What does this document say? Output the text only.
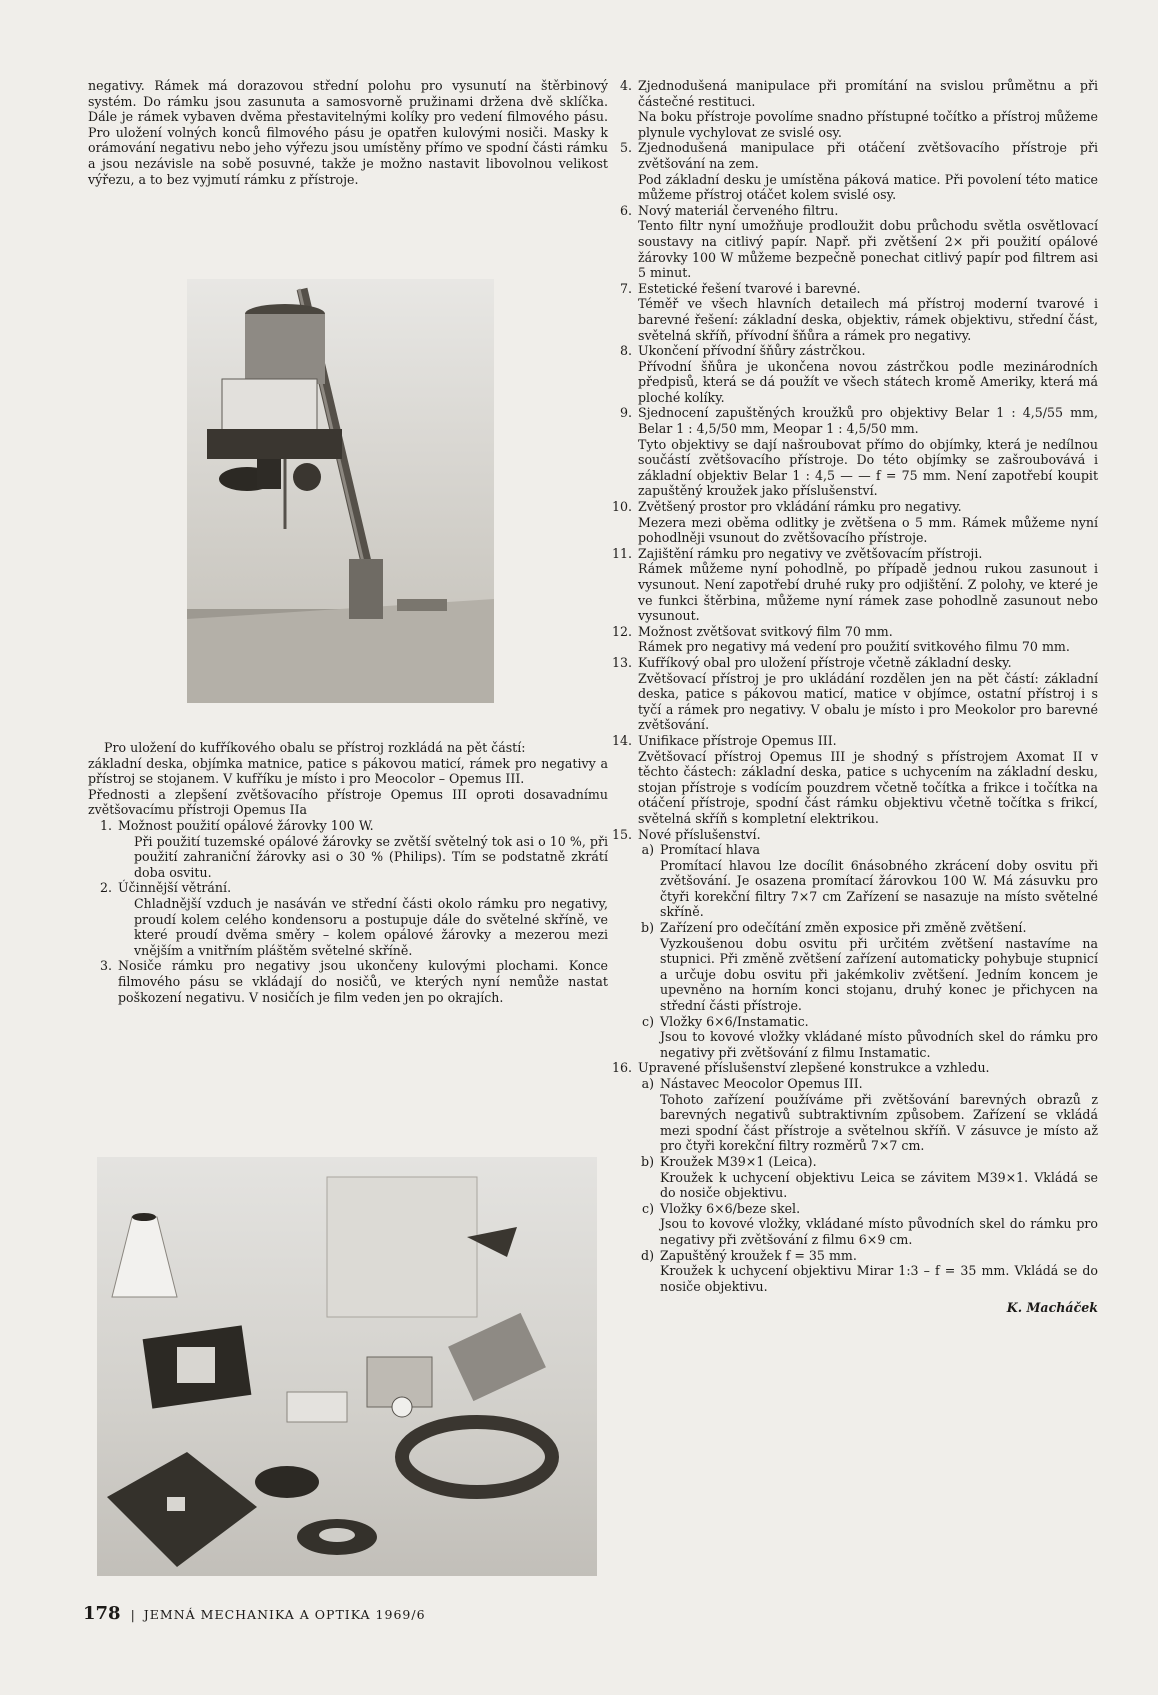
negativy. Rámek má dorazovou střední polohu pro vysunutí na štěrbinový systém. Do rámku jsou zasunuta a samosvorně pružinami držena dvě sklíčka. Dále je rámek vybaven dvěma přestavitelnými kolíky pro vedení filmového pásu. Pro uložení volných konců filmového pásu je opatřen kulovými nosiči. Masky k orámování negativu nebo jeho výřezu jsou umístěny přímo ve spodní části rámku a jsou nezávisle na sobě posuvné, takže je možno nastavit libovolnou velikost výřezu, a to bez vyjmutí rámku z přístroje.

Pro uložení do kufříkového obalu se přístroj rozkládá na pět částí:

základní deska, objímka matnice, patice s pákovou maticí, rámek pro negativy a přístroj se stojanem. V kufříku je místo i pro Meocolor – Opemus III.

Přednosti a zlepšení zvětšovacího přístroje Opemus III oproti dosavadnímu zvětšovacímu přístroji Opemus IIa

1. Možnost použití opálové žárovky 100 W.

Při použití tuzemské opálové žárovky se zvětší světelný tok asi o 10 %, při použití zahraniční žárovky asi o 30 % (Philips). Tím se podstatně zkrátí doba osvitu.
2. Účinnější větrání.

Chladnější vzduch je nasáván ve střední části okolo rámku pro negativy, proudí kolem celého kondensoru a postupuje dále do světelné skříně, ve které proudí dvěma směry – kolem opálové žárovky a mezerou mezi vnějším a vnitřním pláštěm světelné skříně.
3. Nosiče rámku pro negativy jsou ukončeny kulovými plochami. Konce filmového pásu se vkládají do nosičů, ve kterých nyní nemůže nastat poškození negativu. V nosičích je film veden jen po okrajích.
4. Zjednodušená manipulace při promítání na svislou průmětnu a při částečné restituci.
Na boku přístroje povolíme snadno přístupné točítko a přístroj můžeme plynule vychylovat ze svislé osy.
5. Zjednodušená manipulace při otáčení zvětšovacího přístroje při zvětšování na zem.
Pod základní desku je umístěna páková matice. Při povolení této matice můžeme přístroj otáčet kolem svislé osy.
6. Nový materiál červeného filtru.
Tento filtr nyní umožňuje prodloužit dobu průchodu světla osvětlovací soustavy na citlivý papír. Např. při zvětšení 2× při použití opálové žárovky 100 W můžeme bezpečně ponechat citlivý papír pod filtrem asi 5 minut.
7. Estetické řešení tvarové i barevné.
Téměř ve všech hlavních detailech má přístroj moderní tvarové i barevné řešení: základní deska, objektiv, rámek objektivu, střední část, světelná skříň, přívodní šňůra a rámek pro negativy.
8. Ukončení přívodní šňůry zástrčkou.
Přívodní šňůra je ukončena novou zástrčkou podle mezinárodních předpisů, která se dá použít ve všech státech kromě Ameriky, která má ploché kolíky.
9. Sjednocení zapuštěných kroužků pro objektivy Belar 1 : 4,5/55 mm, Belar 1 : 4,5/50 mm, Meopar 1 : 4,5/50 mm.
Tyto objektivy se dají našroubovat přímo do objímky, která je nedílnou součástí zvětšovacího přístroje. Do této objímky se zašroubovává i základní objektiv Belar 1 : 4,5 — — f = 75 mm. Není zapotřebí koupit zapuštěný kroužek jako příslušenství.
10. Zvětšený prostor pro vkládání rámku pro negativy.
Mezera mezi oběma odlitky je zvětšena o 5 mm. Rámek můžeme nyní pohodlněji vsunout do zvětšovacího přístroje.
11. Zajištění rámku pro negativy ve zvětšovacím přístroji.
Rámek můžeme nyní pohodlně, po případě jednou rukou zasunout i vysunout. Není zapotřebí druhé ruky pro odjištění. Z polohy, ve které je ve funkci štěrbina, můžeme nyní rámek zase pohodlně zasunout nebo vysunout.
12. Možnost zvětšovat svitkový film 70 mm.
Rámek pro negativy má vedení pro použití svitkového filmu 70 mm.
13. Kufříkový obal pro uložení přístroje včetně základní desky.
Zvětšovací přístroj je pro ukládání rozdělen jen na pět částí: základní deska, patice s pákovou maticí, matice v objímce, ostatní přístroj i s tyčí a rámek pro negativy. V obalu je místo i pro Meokolor pro barevné zvětšování.
14. Unifikace přístroje Opemus III.
Zvětšovací přístroj Opemus III je shodný s přístrojem Axomat II v těchto částech: základní deska, patice s uchycením na základní desku, stojan přístroje s vodícím pouzdrem včetně točítka a frikce i točítka na otáčení přístroje, spodní část rámku objektivu včetně točítka s frikcí, světelná skříň s kompletní elektrikou.
15. Nové příslušenství.
a) Promítací hlava
Promítací hlavou lze docílit 6násobného zkrácení doby osvitu při zvětšování. Je osazena promítací žárovkou 100 W. Má zásuvku pro čtyři korekční filtry 7×7 cm Zařízení se nasazuje na místo světelné skříně.
b) Zařízení pro odečítání změn exposice při změně zvětšení.
Vyzkoušenou dobu osvitu při určitém zvětšení nastavíme na stupnici. Při změně zvětšení zařízení automaticky pohybuje stupnicí a určuje dobu osvitu při jakémkoliv zvětšení. Jedním koncem je upevněno na horním konci stojanu, druhý konec je přichycen na střední části přístroje.
c) Vložky 6×6/Instamatic.
Jsou to kovové vložky vkládané místo původních skel do rámku pro negativy při zvětšování z filmu Instamatic.
16. Upravené příslušenství zlepšené konstrukce a vzhledu.
a) Nástavec Meocolor Opemus III.
Tohoto zařízení používáme při zvětšování barevných obrazů z barevných negativů subtraktivním způsobem. Zařízení se vkládá mezi spodní část přístroje a světelnou skříň. V zásuvce je místo až pro čtyři korekční filtry rozměrů 7×7 cm.
b) Kroužek M39×1 (Leica).
Kroužek k uchycení objektivu Leica se závitem M39×1. Vkládá se do nosiče objektivu.
c) Vložky 6×6/beze skel.
Jsou to kovové vložky, vkládané místo původních skel do rámku pro negativy při zvětšování z filmu 6×9 cm.
d) Zapuštěný kroužek f = 35 mm.
Kroužek k uchycení objektivu Mirar 1:3 – f = 35 mm. Vkládá se do nosiče objektivu.

K. Macháček

178 | JEMNÁ MECHANIKA A OPTIKA 1969/6
